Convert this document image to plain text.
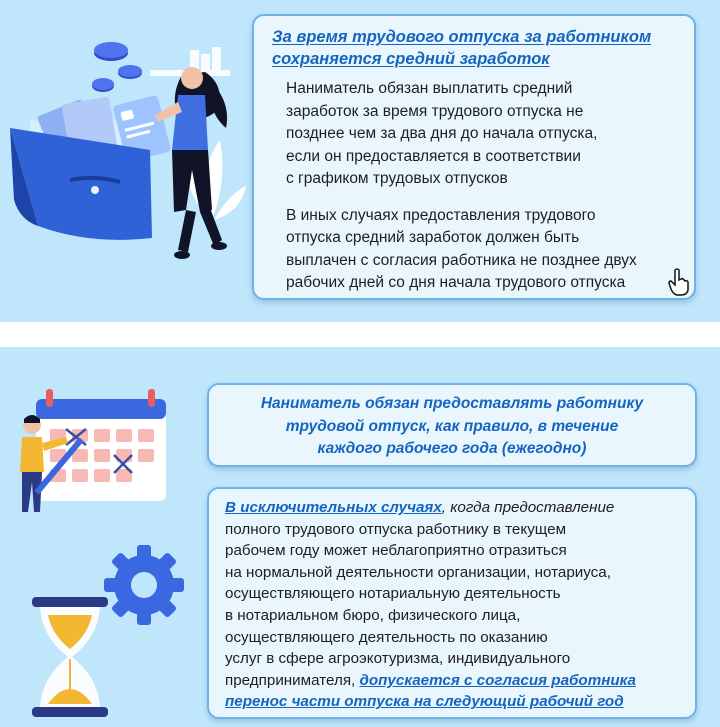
За время трудового отпуска за работником
сохраняется средний заработок

Наниматель обязан выплатить средний
заработок за время трудового отпуска не
позднее чем за два дня до начала отпуска,
если он предоставляется в соответствии
с графиком трудовых отпусков

В иных случаях предоставления трудового
отпуска средний заработок должен быть
выплачен с согласия работника не позднее двух
рабочих дней со дня начала трудового отпуска

Наниматель обязан предоставлять работнику
трудовой отпуск, как правило, в течение
каждого рабочего года (ежегодно)
В исключительных случаях, когда предоставление
полного трудового отпуска работнику в текущем
рабочем году может неблагоприятно отразиться
на нормальной деятельности организации, нотариуса,
осуществляющего нотариальную деятельность
в нотариальном бюро, физического лица,
осуществляющего деятельность по оказанию
услуг в сфере агроэкотуризма, индивидуального
предпринимателя, допускается с согласия работника
перенос части отпуска на следующий рабочий год
